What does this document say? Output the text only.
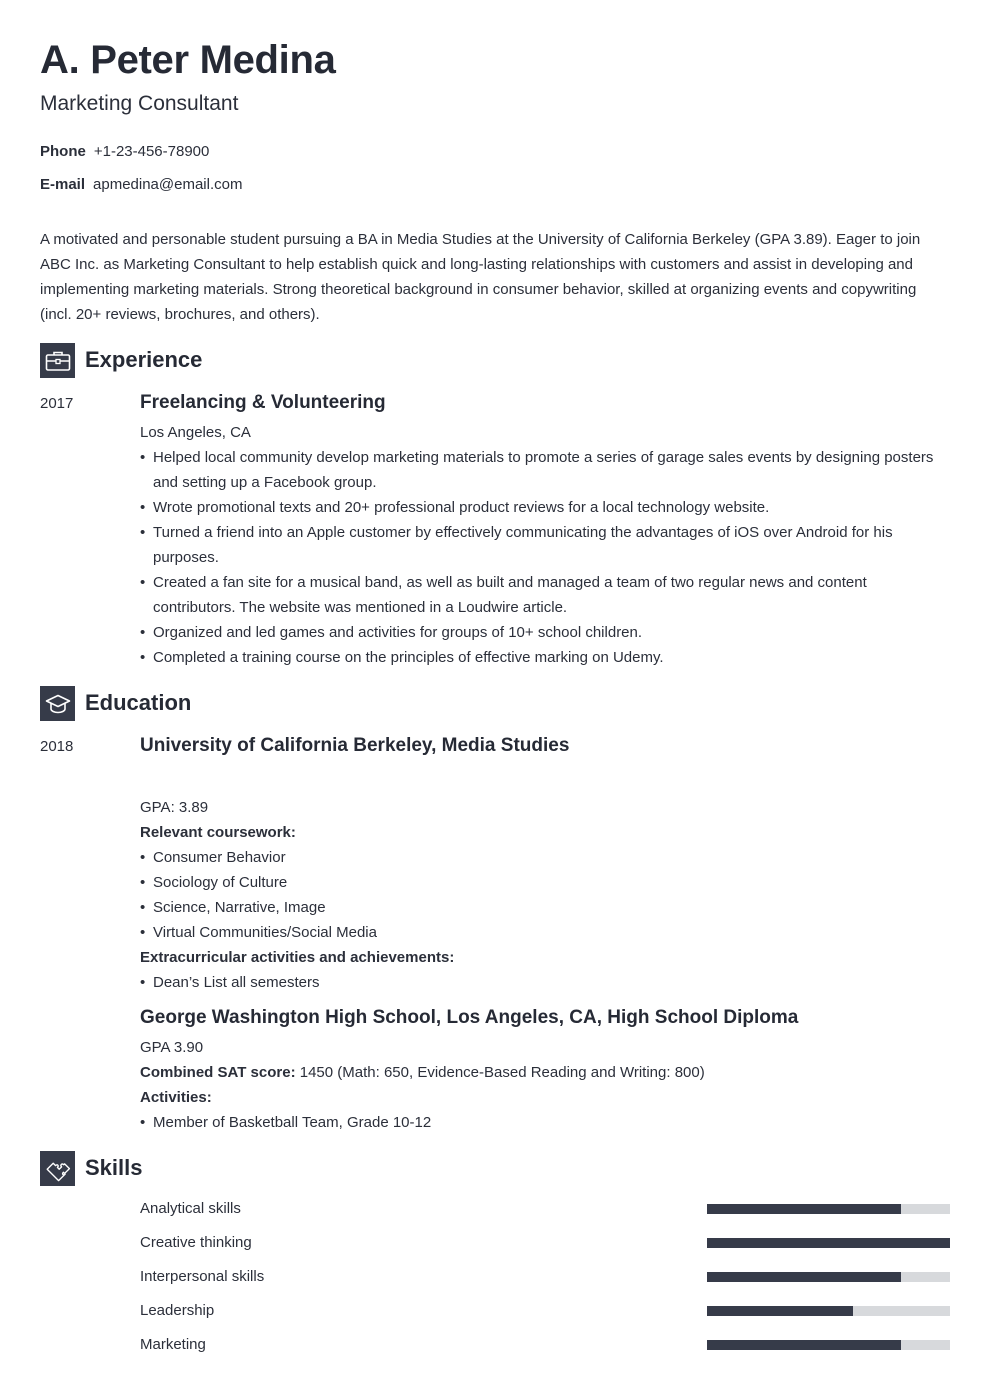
A. Peter Medina
Marketing Consultant
Phone +1-23-456-78900
E-mail apmedina@email.com
A motivated and personable student pursuing a BA in Media Studies at the University of California Berkeley (GPA 3.89). Eager to join ABC Inc. as Marketing Consultant to help establish quick and long-lasting relationships with customers and assist in developing and implementing marketing materials. Strong theoretical background in consumer behavior, skilled at organizing events and copywriting (incl. 20+ reviews, brochures, and others).
Experience
2017	Freelancing & Volunteering
Los Angeles, CA
• Helped local community develop marketing materials to promote a series of garage sales events by designing posters and setting up a Facebook group.
• Wrote promotional texts and 20+ professional product reviews for a local technology website.
• Turned a friend into an Apple customer by effectively communicating the advantages of iOS over Android for his purposes.
• Created a fan site for a musical band, as well as built and managed a team of two regular news and content contributors. The website was mentioned in a Loudwire article.
• Organized and led games and activities for groups of 10+ school children.
• Completed a training course on the principles of effective marking on Udemy.
Education
2018	University of California Berkeley, Media Studies
GPA: 3.89
Relevant coursework:
• Consumer Behavior
• Sociology of Culture
• Science, Narrative, Image
• Virtual Communities/Social Media
Extracurricular activities and achievements:
• Dean’s List all semesters
George Washington High School, Los Angeles, CA, High School Diploma
GPA 3.90
Combined SAT score: 1450 (Math: 650, Evidence-Based Reading and Writing: 800)
Activities:
• Member of Basketball Team, Grade 10-12
Skills
Analytical skills
Creative thinking
Interpersonal skills
Leadership
Marketing
